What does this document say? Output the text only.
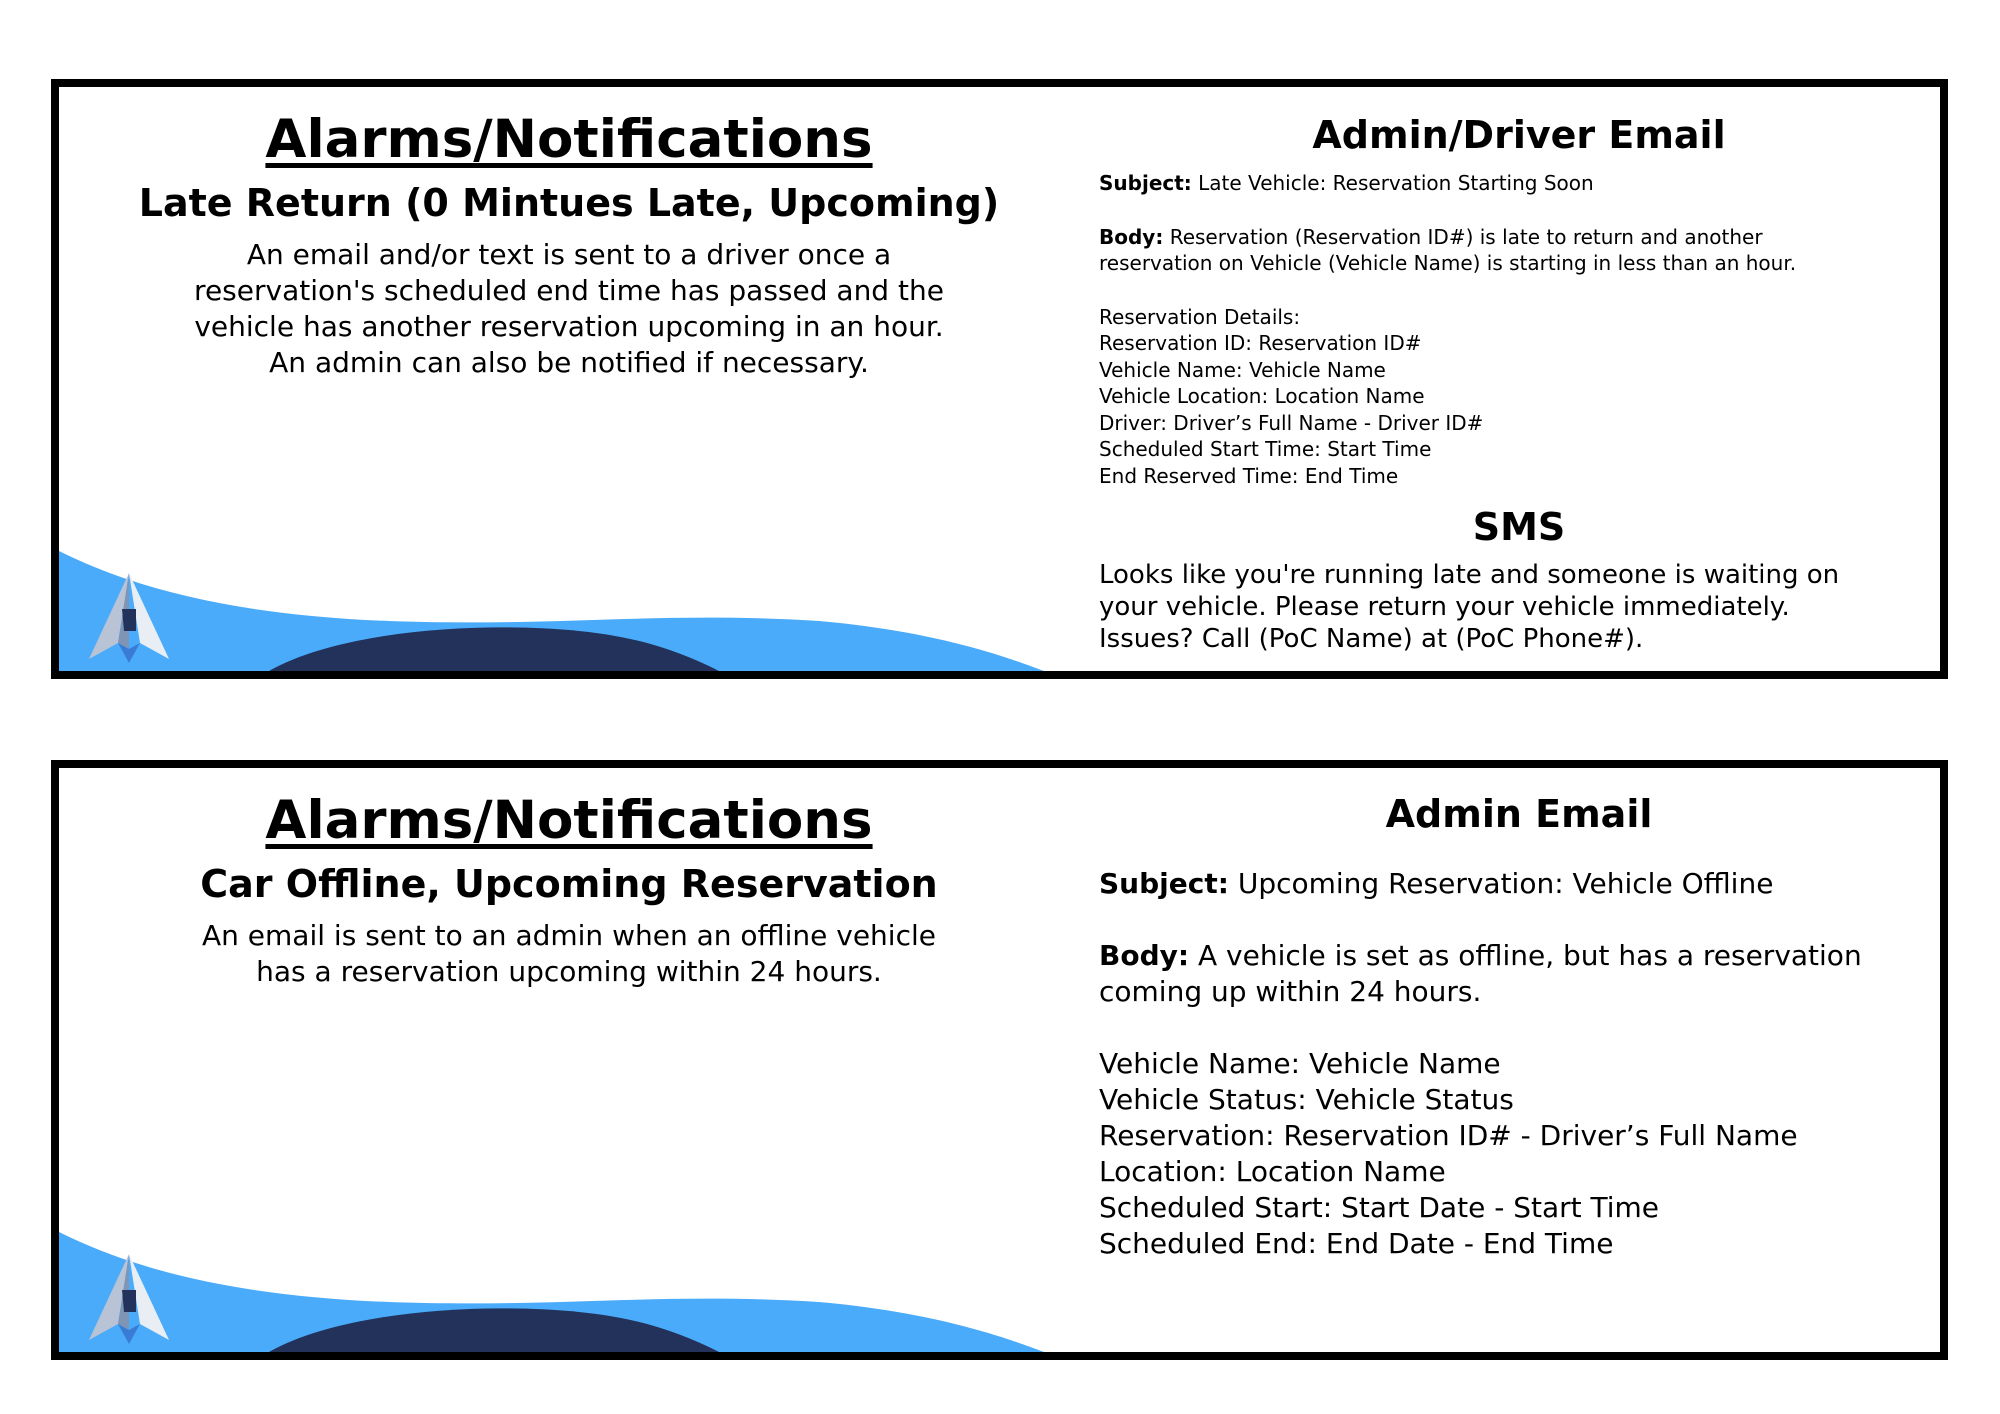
Alarms/Notifications
Late Return (0 Mintues Late, Upcoming)
An email and/or text is sent to a driver once a
reservation's scheduled end time has passed and the
vehicle has another reservation upcoming in an hour.
An admin can also be notified if necessary.
Admin/Driver Email
Subject: Late Vehicle: Reservation Starting Soon
Body: Reservation (Reservation ID#) is late to return and another
reservation on Vehicle (Vehicle Name) is starting in less than an hour.
Reservation Details:
Reservation ID: Reservation ID#
Vehicle Name: Vehicle Name
Vehicle Location: Location Name
Driver: Driver’s Full Name - Driver ID#
Scheduled Start Time: Start Time
End Reserved Time: End Time
SMS
Looks like you're running late and someone is waiting on
your vehicle. Please return your vehicle immediately.
Issues? Call (PoC Name) at (PoC Phone#).
Alarms/Notifications
Car Offline, Upcoming Reservation
An email is sent to an admin when an offline vehicle
has a reservation upcoming within 24 hours.
Admin Email
Subject: Upcoming Reservation: Vehicle Offline
Body: A vehicle is set as offline, but has a reservation
coming up within 24 hours.
Vehicle Name: Vehicle Name
Vehicle Status: Vehicle Status
Reservation: Reservation ID# - Driver’s Full Name
Location: Location Name
Scheduled Start: Start Date - Start Time
Scheduled End: End Date - End Time
